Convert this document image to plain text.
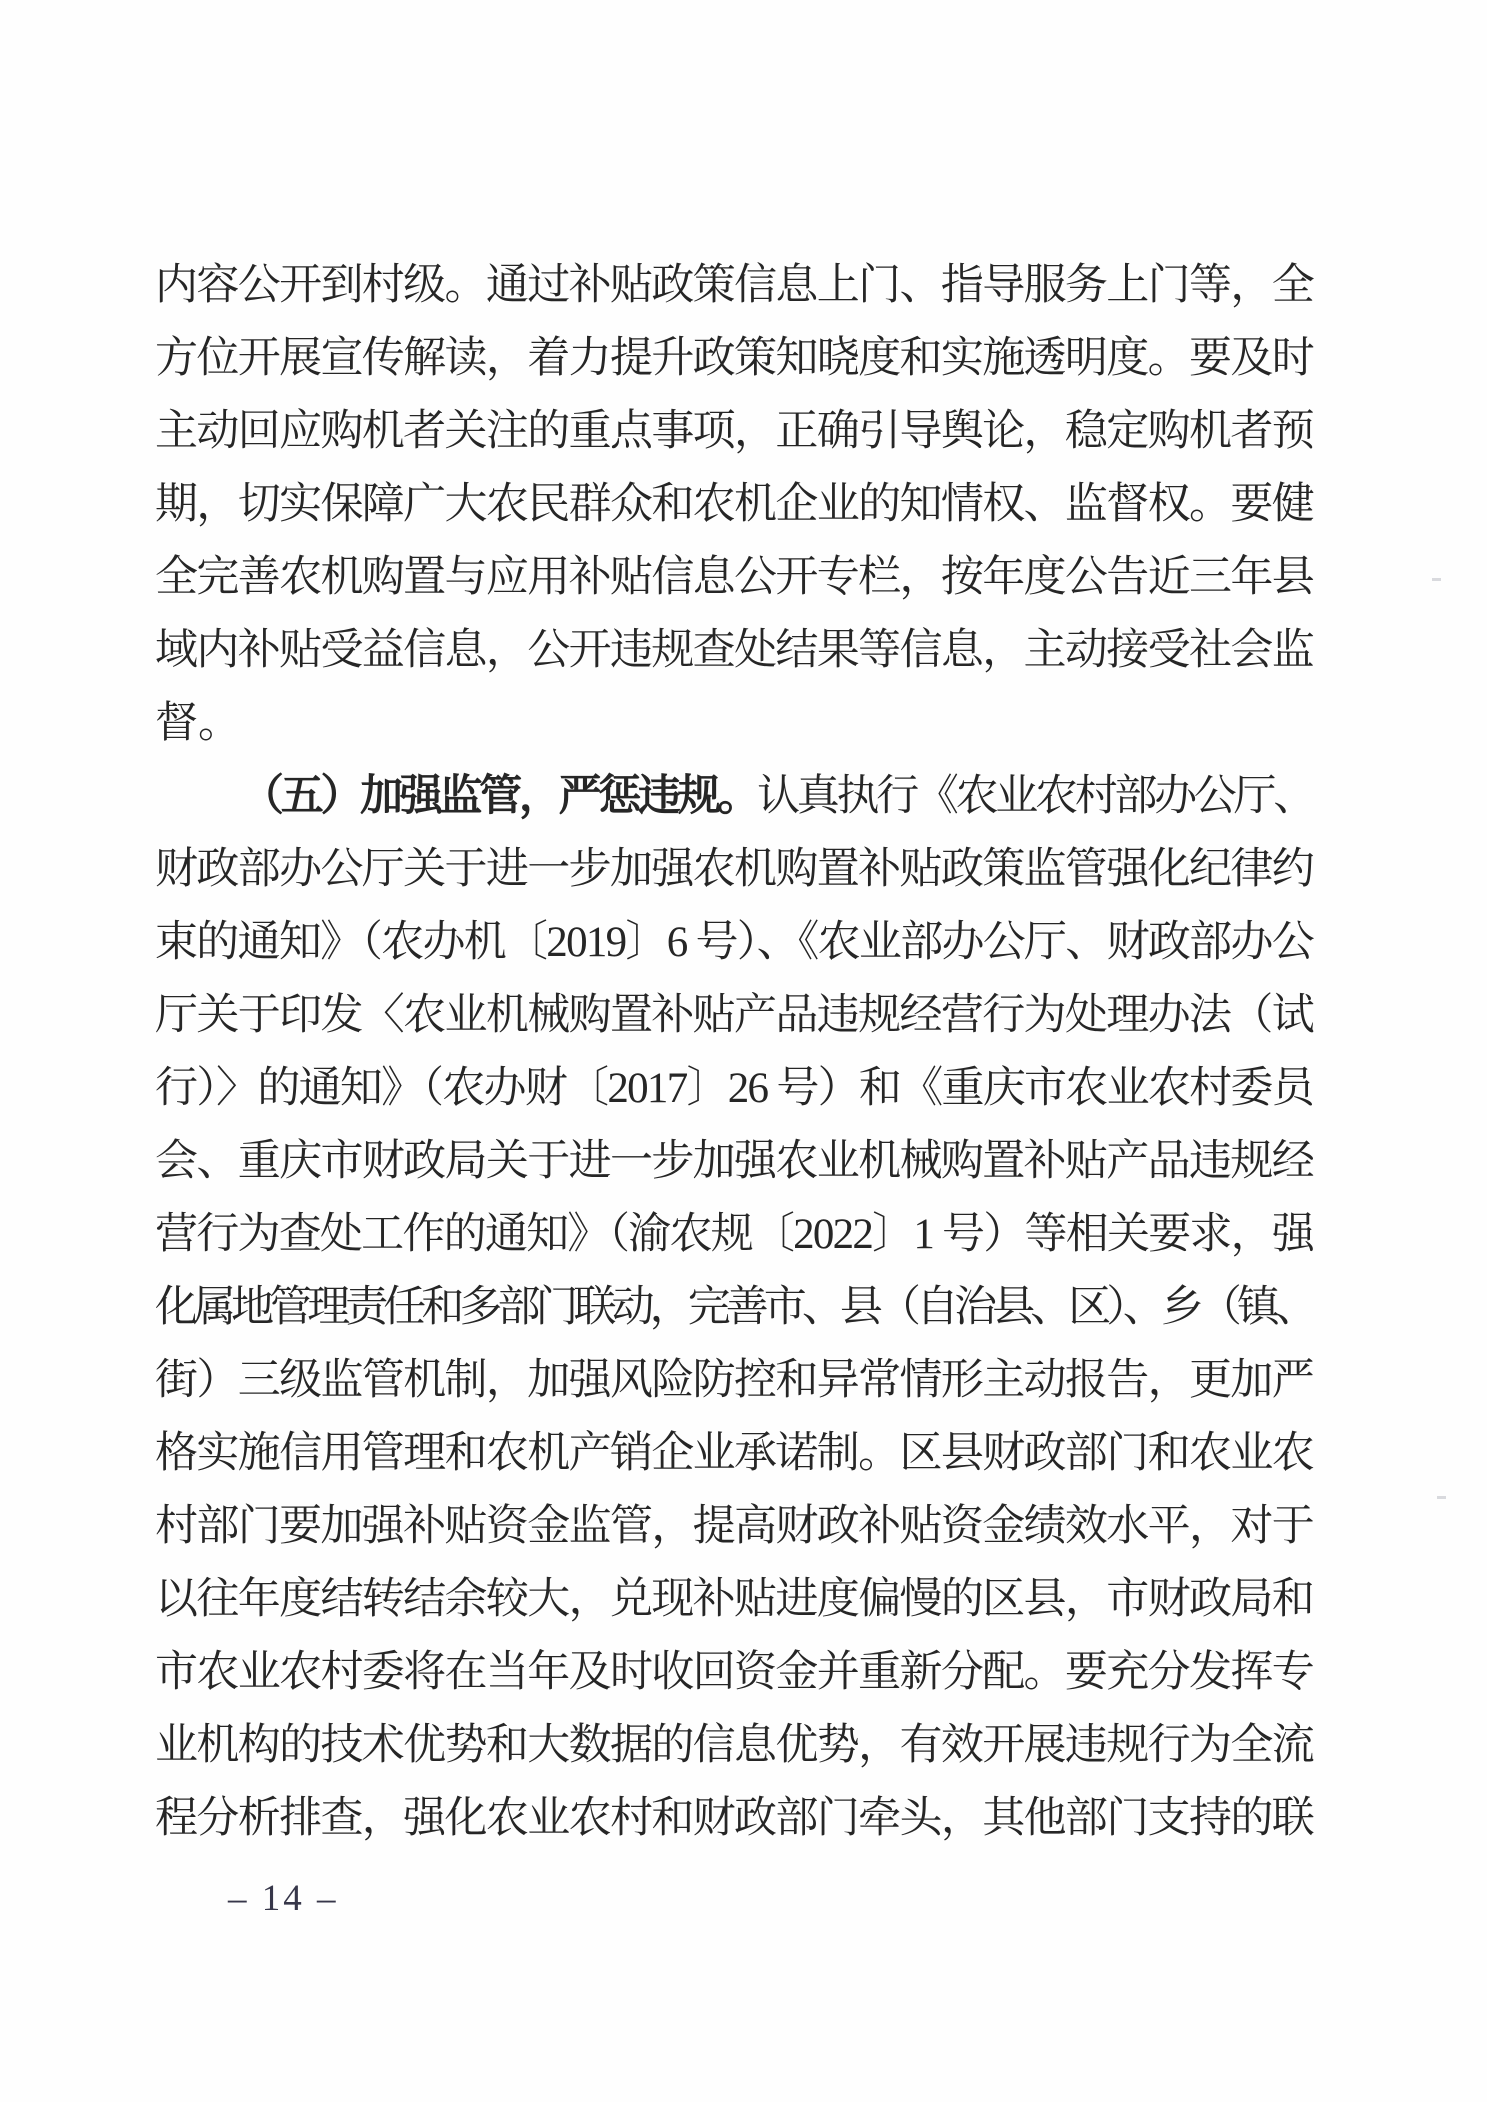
内容公开到村级。通过补贴政策信息上门、指导服务上门等，全
方位开展宣传解读，着力提升政策知晓度和实施透明度。要及时
主动回应购机者关注的重点事项，正确引导舆论，稳定购机者预
期，切实保障广大农民群众和农机企业的知情权、监督权。要健
全完善农机购置与应用补贴信息公开专栏，按年度公告近三年县
域内补贴受益信息，公开违规查处结果等信息，主动接受社会监
督。
（五）加强监管，严惩违规。认真执行《农业农村部办公厅、
财政部办公厅关于进一步加强农机购置补贴政策监管强化纪律约
束的通知》（农办机〔2019〕6 号）、《农业部办公厅、财政部办公
厅关于印发〈农业机械购置补贴产品违规经营行为处理办法（试
行）〉的通知》（农办财〔2017〕26 号）和《重庆市农业农村委员
会、重庆市财政局关于进一步加强农业机械购置补贴产品违规经
营行为查处工作的通知》（渝农规〔2022〕1 号）等相关要求，强
化属地管理责任和多部门联动，完善市、县（自治县、区）、乡（镇、
街）三级监管机制，加强风险防控和异常情形主动报告，更加严
格实施信用管理和农机产销企业承诺制。区县财政部门和农业农
村部门要加强补贴资金监管，提高财政补贴资金绩效水平，对于
以往年度结转结余较大，兑现补贴进度偏慢的区县，市财政局和
市农业农村委将在当年及时收回资金并重新分配。要充分发挥专
业机构的技术优势和大数据的信息优势，有效开展违规行为全流
程分析排查，强化农业农村和财政部门牵头，其他部门支持的联
– 14 –
